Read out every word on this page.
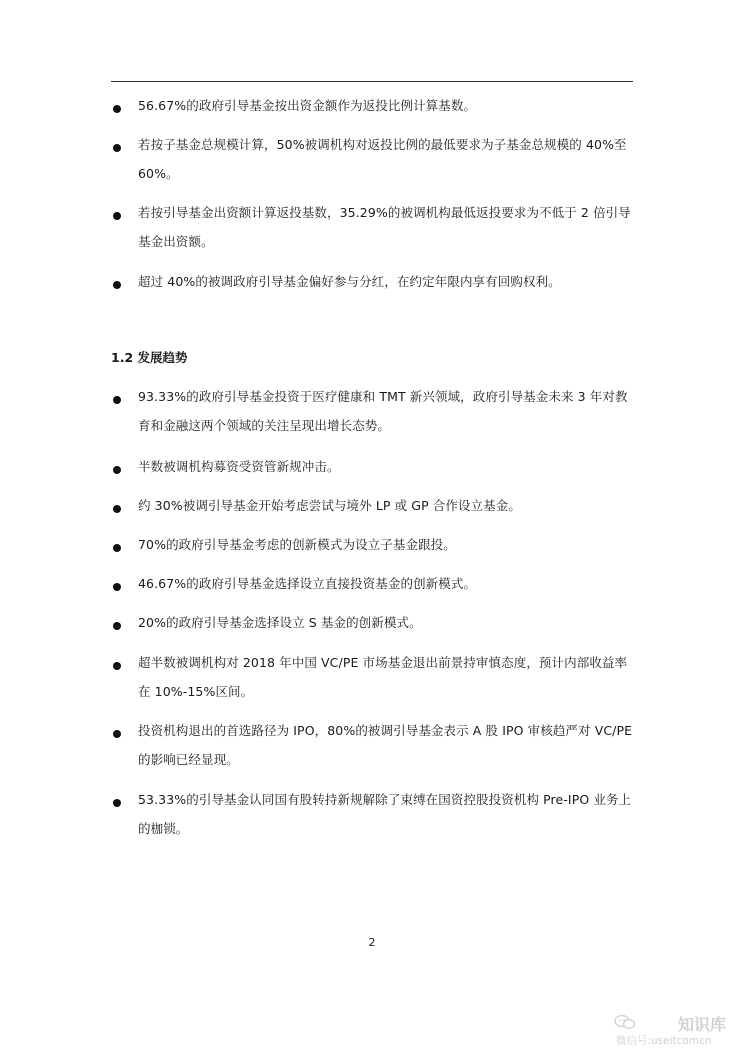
56.67%的政府引导基金按出资金额作为返投比例计算基数。
若按子基金总规模计算，50%被调机构对返投比例的最低要求为子基金总规模的 40%至 60%。
若按引导基金出资额计算返投基数，35.29%的被调机构最低返投要求为不低于 2 倍引导基金出资额。
超过 40%的被调政府引导基金偏好参与分红，在约定年限内享有回购权利。
1.2 发展趋势
93.33%的政府引导基金投资于医疗健康和 TMT 新兴领域，政府引导基金未来 3 年对教育和金融这两个领域的关注呈现出增长态势。
半数被调机构募资受资管新规冲击。
约 30%被调引导基金开始考虑尝试与境外 LP 或 GP 合作设立基金。
70%的政府引导基金考虑的创新模式为设立子基金跟投。
46.67%的政府引导基金选择设立直接投资基金的创新模式。
20%的政府引导基金选择设立 S 基金的创新模式。
超半数被调机构对 2018 年中国 VC/PE 市场基金退出前景持审慎态度，预计内部收益率在 10%-15%区间。
投资机构退出的首选路径为 IPO，80%的被调引导基金表示 A 股 IPO 审核趋严对 VC/PE 的影响已经显现。
53.33%的引导基金认同国有股转持新规解除了束缚在国资控股投资机构 Pre-IPO 业务上的枷锁。
2
知识库
微信号:useitcomcn
